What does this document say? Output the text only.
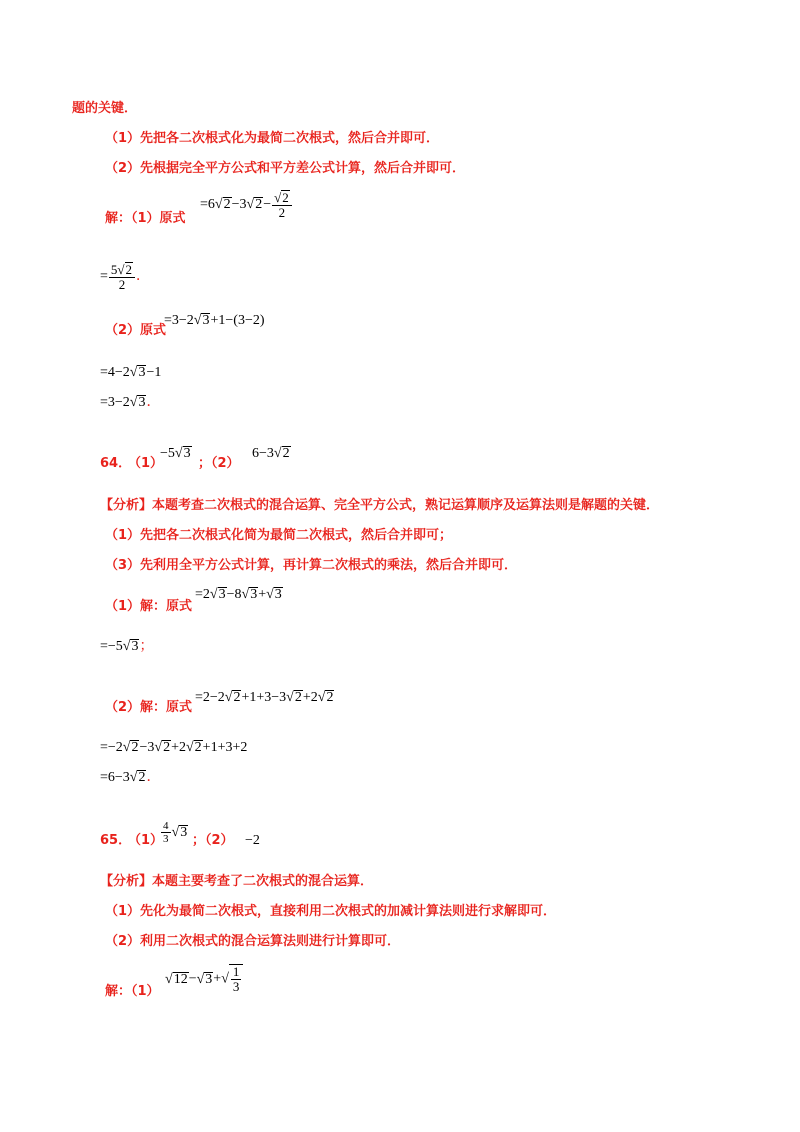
题的关键．
（1）先把各二次根式化为最简二次根式，然后合并即可．
（2）先根据完全平方公式和平方差公式计算，然后合并即可．
解：（1）原式
$=6√2-3√2- \frac{√2}{2}$
= $\frac{5√2}{2}$ ．
（2）原式
=3−2√3+1−(3−2)
=4−2√3−1
=3−2√3．
64．
（1）
−5√3
；（2）
6−3√2
【分析】本题考查二次根式的混合运算、完全平方公式，熟记运算顺序及运算法则是解题的关键．
（1）先把各二次根式化简为最简二次根式，然后合并即可；
（3）先利用全平方公式计算，再计算二次根式的乘法，然后合并即可．
（1）解：原式
=2√3−8√3+√3
=−5√3；
（2）解：原式
=2−2√2+1+3−3√2+2√2
=−2√2−3√2+2√2+1+3+2
=6−3√2．
65．
（1）
$\frac{4}{3} √3$
；（2） −2
【分析】本题主要考查了二次根式的混合运算．
（1）先化为最简二次根式，直接利用二次根式的加减计算法则进行求解即可．
（2）利用二次根式的混合运算法则进行计算即可．
解：（1）
$√12-√3+√ \frac{1}{3}$
